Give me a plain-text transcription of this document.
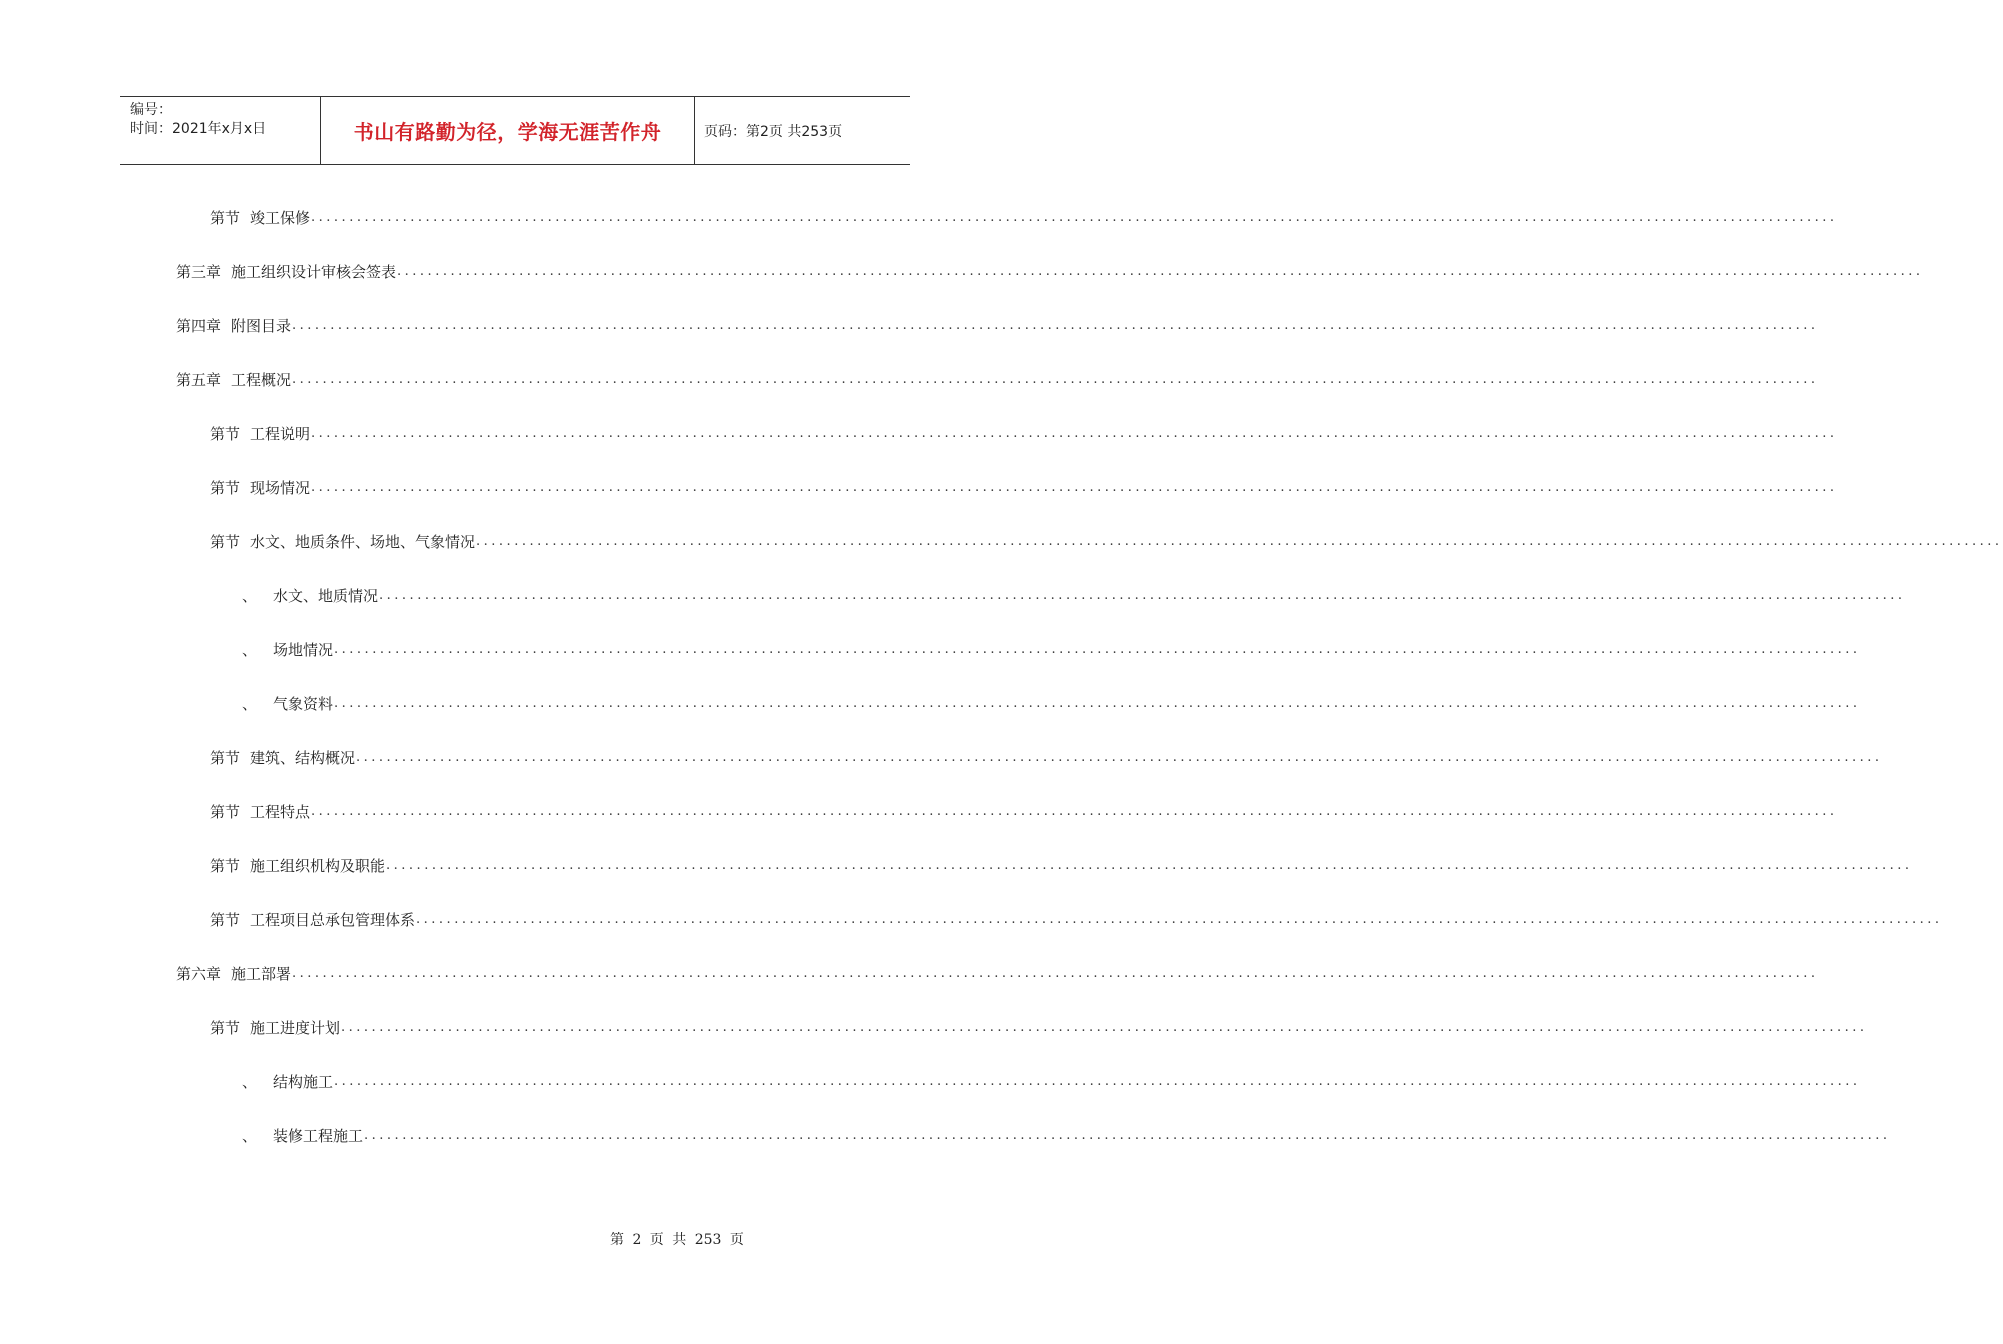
编号：
时间：2021年x月x日	书山有路勤为径，学海无涯苦作舟	页码：第2页 共253页
第节 竣工保修 ........................................................................................................................................................................................................
第三章 施工组织设计审核会签表 ........................................................................................................................................................................................................
第四章 附图目录 ........................................................................................................................................................................................................
第五章 工程概况 ........................................................................................................................................................................................................
第节 工程说明 ........................................................................................................................................................................................................
第节 现场情况 ........................................................................................................................................................................................................
第节 水文、地质条件、场地、气象情况 ........................................................................................................................................................................................................
、 水文、地质情况 ........................................................................................................................................................................................................
、 场地情况 ........................................................................................................................................................................................................
、 气象资料 ........................................................................................................................................................................................................
第节 建筑、结构概况 ........................................................................................................................................................................................................
第节 工程特点 ........................................................................................................................................................................................................
第节 施工组织机构及职能 ........................................................................................................................................................................................................
第节 工程项目总承包管理体系 ........................................................................................................................................................................................................
第六章 施工部署 ........................................................................................................................................................................................................
第节 施工进度计划 ........................................................................................................................................................................................................
、 结构施工 ........................................................................................................................................................................................................
、 装修工程施工 ........................................................................................................................................................................................................
第 2 页 共 253 页
